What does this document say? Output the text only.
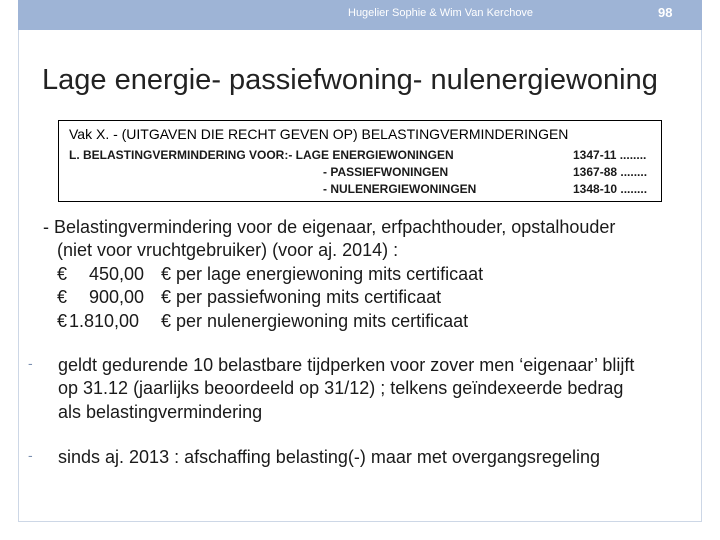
Hugelier Sophie & Wim Van Kerchove	98
Lage energie- passiefwoning- nulenergiewoning
Vak X. - (UITGAVEN DIE RECHT GEVEN OP) BELASTINGVERMINDERINGEN
L. BELASTINGVERMINDERING VOOR:- LAGE ENERGIEWONINGEN	1347-11 ........
- PASSIEFWONINGEN	1367-88 ........
- NULENERGIEWONINGEN	1348-10 ........
- Belastingvermindering voor de eigenaar, erfpachthouder, opstalhouder
(niet voor vruchtgebruiker) (voor aj. 2014) :
€ 450,00 € per lage energiewoning mits certificaat
€ 900,00 € per passiefwoning mits certificaat
€ 1.810,00 € per nulenergiewoning mits certificaat
- geldt gedurende 10 belastbare tijdperken voor zover men ‘eigenaar’ blijft
op 31.12 (jaarlijks beoordeeld op 31/12) ; telkens geïndexeerde bedrag
als belastingvermindering
- sinds aj. 2013 : afschaffing belasting(-) maar met overgangsregeling
